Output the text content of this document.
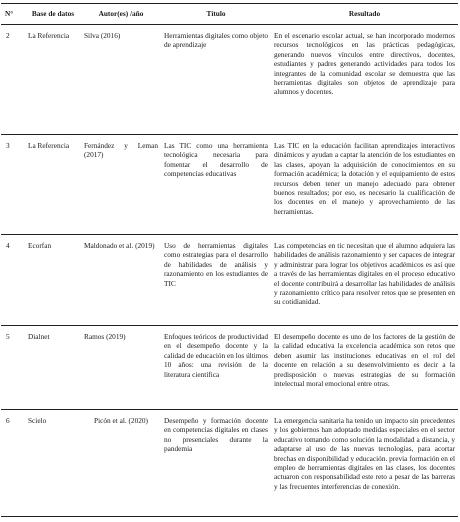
N°	Base de datos	Autor(es) /año	Título	Resultado
2	La Referencia	Silva (2016)	Herramientas digitales como objeto de aprendizaje	En el escenario escolar actual, se han incorporado modernos recursos tecnológicos en las prácticas pedagógicas, generando nuevos vínculos entre directivos, docentes, estudiantes y padres generando actividades para todos los integrantes de la comunidad escolar se demuestra que las herramientas digitales son objetos de aprendizaje para alumnos y docentes.
3	La Referencia	Fernández y Leman (2017)	Las TIC como una herramienta tecnológica necesaria para fomentar el desarrollo de competencias educativas	Las TIC en la educación facilitan aprendizajes interactivos dinámicos y ayudan a captar la atención de los estudiantes en las clases, apoyan la adquisición de conocimientos en su formación académica; la dotación y el equipamiento de estos recursos deben tener un manejo adecuado para obtener buenos resultados; por eso, es necesario la cualificación de los docentes en el manejo y aprovechamiento de las herramientas.
4	Ecorfan	Maldonado et al. (2019)	Uso de herramientas digitales como estrategias para el desarrollo de habilidades de análisis y razonamiento en los estudiantes de TIC	Las competencias en tic necesitan que el alumno adquiera las habilidades de análisis razonamiento y ser capaces de integrar y administrar para lograr los objetivos académicos es así que a través de las herramientas digitales en el proceso educativo el docente contribuirá a desarrollar las habilidades de análisis y razonamiento crítico para resolver retos que se presenten en su cotidianidad.
5	Dialnet	Ramos (2019)	Enfoques teóricos de productividad en el desempeño docente y la calidad de educación en los últimos 10 años: una revisión de la literatura científica	El desempeño docente es uno de los factores de la gestión de la calidad educativa la excelencia académica son retos que deben asumir las instituciones educativas en el rol del docente en relación a su desenvolvimiento es decir a la predisposición o nuevas estrategias de su formación intelectual moral emocional entre otras.
6	Scielo	Picón et al. (2020)	Desempeño y formación docente en competencias digitales en clases no presenciales durante la pandemia	La emergencia sanitaria ha tenido un impacto sin precedentes y los gobiernos han adoptado medidas especiales en el sector educativo tomando como solución la modalidad a distancia, y adaptarse al uso de las nuevas tecnologías, para acortar brechas en disponibilidad y educación. previa formación en el empleo de herramientas digitales en las clases, los docentes actuaron con responsabilidad este reto a pesar de las barreras y las frecuentes interferencias de conexión.
